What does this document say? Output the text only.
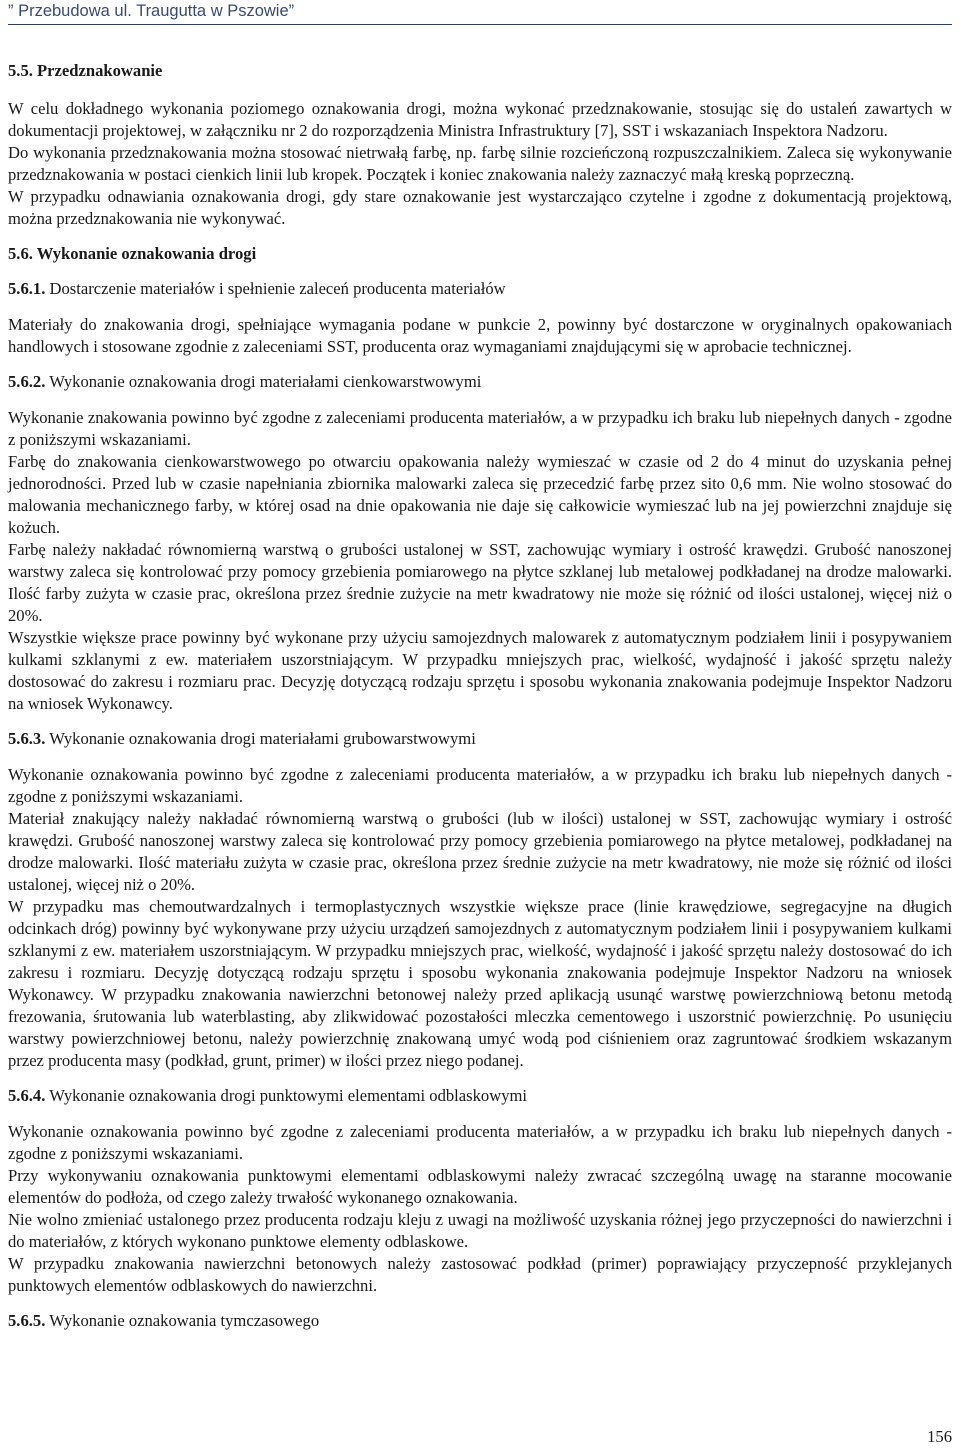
” Przebudowa ul. Traugutta w Pszowie”
5.5. Przedznakowanie

W celu dokładnego wykonania poziomego oznakowania drogi, można wykonać przedznakowanie, stosując się do ustaleń zawartych w dokumentacji projektowej, w załączniku nr 2 do rozporządzenia Ministra Infrastruktury [7], SST i wskazaniach Inspektora Nadzoru.

Do wykonania przedznakowania można stosować nietrwałą farbę, np. farbę silnie rozcieńczoną rozpuszczalnikiem. Zaleca się wykonywanie przedznakowania w postaci cienkich linii lub kropek. Początek i koniec znakowania należy zaznaczyć małą kreską poprzeczną.

W przypadku odnawiania oznakowania drogi, gdy stare oznakowanie jest wystarczająco czytelne i zgodne z dokumentacją projektową, można przedznakowania nie wykonywać.

5.6. Wykonanie oznakowania drogi
5.6.1. Dostarczenie materiałów i spełnienie zaleceń producenta materiałów

Materiały do znakowania drogi, spełniające wymagania podane w punkcie 2, powinny być dostarczone w oryginalnych opakowaniach handlowych i stosowane zgodnie z zaleceniami SST, producenta oraz wymaganiami znajdującymi się w aprobacie technicznej.

5.6.2. Wykonanie oznakowania drogi materiałami cienkowarstwowymi

Wykonanie znakowania powinno być zgodne z zaleceniami producenta materiałów, a w przypadku ich braku lub niepełnych danych - zgodne z poniższymi wskazaniami.

Farbę do znakowania cienkowarstwowego po otwarciu opakowania należy wymieszać w czasie od 2 do 4 minut do uzyskania pełnej jednorodności. Przed lub w czasie napełniania zbiornika malowarki zaleca się przecedzić farbę przez sito 0,6 mm. Nie wolno stosować do malowania mechanicznego farby, w której osad na dnie opakowania nie daje się całkowicie wymieszać lub na jej powierzchni znajduje się kożuch.

Farbę należy nakładać równomierną warstwą o grubości ustalonej w SST, zachowując wymiary i ostrość krawędzi. Grubość nanoszonej warstwy zaleca się kontrolować przy pomocy grzebienia pomiarowego na płytce szklanej lub metalowej podkładanej na drodze malowarki. Ilość farby zużyta w czasie prac, określona przez średnie zużycie na metr kwadratowy nie może się różnić od ilości ustalonej, więcej niż o 20%.

Wszystkie większe prace powinny być wykonane przy użyciu samojezdnych malowarek z automatycznym podziałem linii i posypywaniem kulkami szklanymi z ew. materiałem uszorstniającym. W przypadku mniejszych prac, wielkość, wydajność i jakość sprzętu należy dostosować do zakresu i rozmiaru prac. Decyzję dotyczącą rodzaju sprzętu i sposobu wykonania znakowania podejmuje Inspektor Nadzoru na wniosek Wykonawcy.

5.6.3. Wykonanie oznakowania drogi materiałami grubowarstwowymi

Wykonanie oznakowania powinno być zgodne z zaleceniami producenta materiałów, a w przypadku ich braku lub niepełnych danych - zgodne z poniższymi wskazaniami.

Materiał znakujący należy nakładać równomierną warstwą o grubości (lub w ilości) ustalonej w SST, zachowując wymiary i ostrość krawędzi. Grubość nanoszonej warstwy zaleca się kontrolować przy pomocy grzebienia pomiarowego na płytce metalowej, podkładanej na drodze malowarki. Ilość materiału zużyta w czasie prac, określona przez średnie zużycie na metr kwadratowy, nie może się różnić od ilości ustalonej, więcej niż o 20%.

W przypadku mas chemoutwardzalnych i termoplastycznych wszystkie większe prace (linie krawędziowe, segregacyjne na długich odcinkach dróg) powinny być wykonywane przy użyciu urządzeń samojezdnych z automatycznym podziałem linii i posypywaniem kulkami szklanymi z ew. materiałem uszorstniającym. W przypadku mniejszych prac, wielkość, wydajność i jakość sprzętu należy dostosować do ich zakresu i rozmiaru. Decyzję dotyczącą rodzaju sprzętu i sposobu wykonania znakowania podejmuje Inspektor Nadzoru na wniosek Wykonawcy. W przypadku znakowania nawierzchni betonowej należy przed aplikacją usunąć warstwę powierzchniową betonu metodą frezowania, śrutowania lub waterblasting, aby zlikwidować pozostałości mleczka cementowego i uszorstnić powierzchnię. Po usunięciu warstwy powierzchniowej betonu, należy powierzchnię znakowaną umyć wodą pod ciśnieniem oraz zagruntować środkiem wskazanym przez producenta masy (podkład, grunt, primer) w ilości przez niego podanej.

5.6.4. Wykonanie oznakowania drogi punktowymi elementami odblaskowymi

Wykonanie oznakowania powinno być zgodne z zaleceniami producenta materiałów, a w przypadku ich braku lub niepełnych danych - zgodne z poniższymi wskazaniami.

Przy wykonywaniu oznakowania punktowymi elementami odblaskowymi należy zwracać szczególną uwagę na staranne mocowanie elementów do podłoża, od czego zależy trwałość wykonanego oznakowania.

Nie wolno zmieniać ustalonego przez producenta rodzaju kleju z uwagi na możliwość uzyskania różnej jego przyczepności do nawierzchni i do materiałów, z których wykonano punktowe elementy odblaskowe.

W przypadku znakowania nawierzchni betonowych należy zastosować podkład (primer) poprawiający przyczepność przyklejanych punktowych elementów odblaskowych do nawierzchni.

5.6.5. Wykonanie oznakowania tymczasowego
156
